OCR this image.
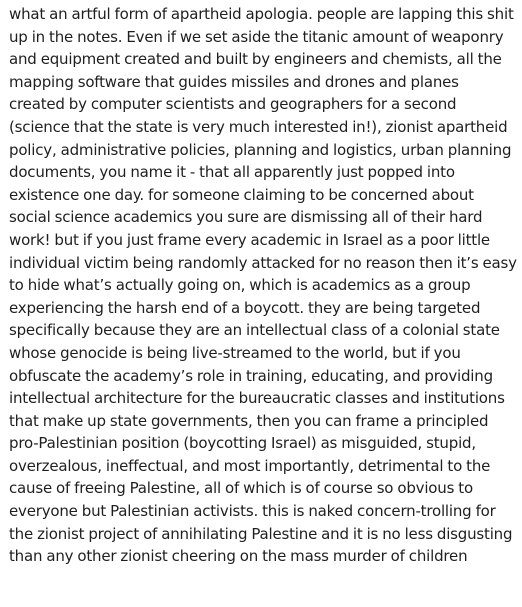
what an artful form of apartheid apologia. people are lapping this shit up in the notes. Even if we set aside the titanic amount of weaponry and equipment created and built by engineers and chemists, all the mapping software that guides missiles and drones and planes created by computer scientists and geographers for a second (science that the state is very much interested in!), zionist apartheid policy, administrative policies, planning and logistics, urban planning documents, you name it - that all apparently just popped into existence one day. for someone claiming to be concerned about social science academics you sure are dismissing all of their hard work! but if you just frame every academic in Israel as a poor little individual victim being randomly attacked for no reason then it’s easy to hide what’s actually going on, which is academics as a group experiencing the harsh end of a boycott. they are being targeted specifically because they are an intellectual class of a colonial state whose genocide is being live-streamed to the world, but if you obfuscate the academy’s role in training, educating, and providing intellectual architecture for the bureaucratic classes and institutions that make up state governments, then you can frame a principled pro-Palestinian position (boycotting Israel) as misguided, stupid, overzealous, ineffectual, and most importantly, detrimental to the cause of freeing Palestine, all of which is of course so obvious to everyone but Palestinian activists. this is naked concern-trolling for the zionist project of annihilating Palestine and it is no less disgusting than any other zionist cheering on the mass murder of children
